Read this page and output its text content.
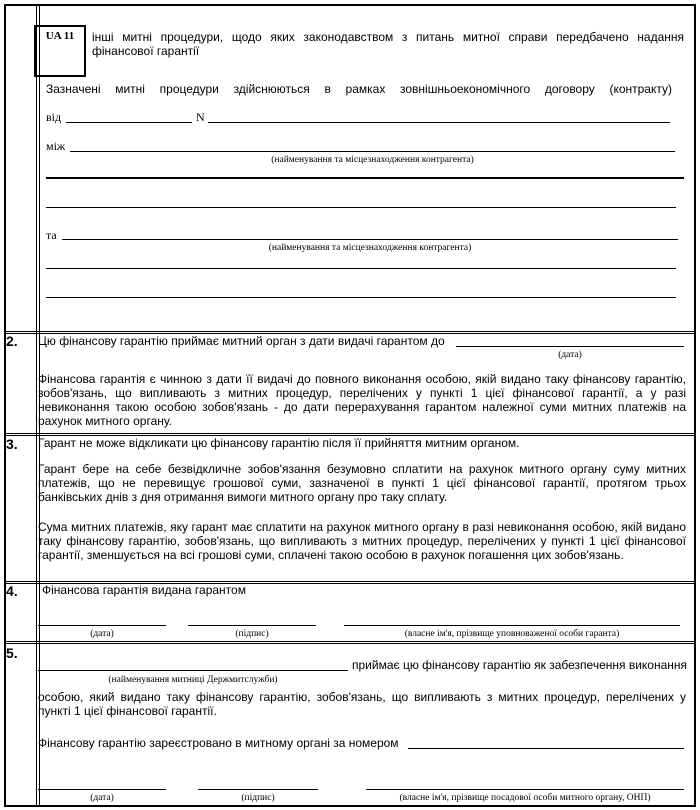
UA 11	інші митні процедури, щодо яких законодавством з питань митної справи передбачено надання фінансової гарантії
Зазначені митні процедури здійснюються в рамках зовнішньоекономічного договору (контракту)
від	N
між
(найменування та місцезнаходження контрагента)
та
(найменування та місцезнаходження контрагента)
2. Цю фінансову гарантію приймає митний орган з дати видачі гарантом до
(дата)
Фінансова гарантія є чинною з дати її видачі до повного виконання особою, якій видано таку фінансову гарантію, зобов'язань, що випливають з митних процедур, перелічених у пункті 1 цієї фінансової гарантії, а у разі невиконання такою особою зобов'язань - до дати перерахування гарантом належної суми митних платежів на рахунок митного органу.
3. Гарант не може відкликати цю фінансову гарантію після її прийняття митним органом.
Гарант бере на себе безвідкличне зобов'язання безумовно сплатити на рахунок митного органу суму митних платежів, що не перевищує грошової суми, зазначеної в пункті 1 цієї фінансової гарантії, протягом трьох банківських днів з дня отримання вимоги митного органу про таку сплату.
Сума митних платежів, яку гарант має сплатити на рахунок митного органу в разі невиконання особою, якій видано таку фінансову гарантію, зобов'язань, що випливають з митних процедур, перелічених у пункті 1 цієї фінансової гарантії, зменшується на всі грошові суми, сплачені такою особою в рахунок погашення цих зобов'язань.
4. Фінансова гарантія видана гарантом
(дата)	(підпис)	(власне ім'я, прізвище уповноваженої особи гаранта)
5.
(найменування митниці Держмитслужби)
приймає цю фінансову гарантію як забезпечення виконання
особою, який видано таку фінансову гарантію, зобов'язань, що випливають з митних процедур, перелічених у пункті 1 цієї фінансової гарантії.
Фінансову гарантію зареєстровано в митному органі за номером
(дата)	(підпис)	(власне ім'я, прізвище посадової особи митного органу, ОНП)
